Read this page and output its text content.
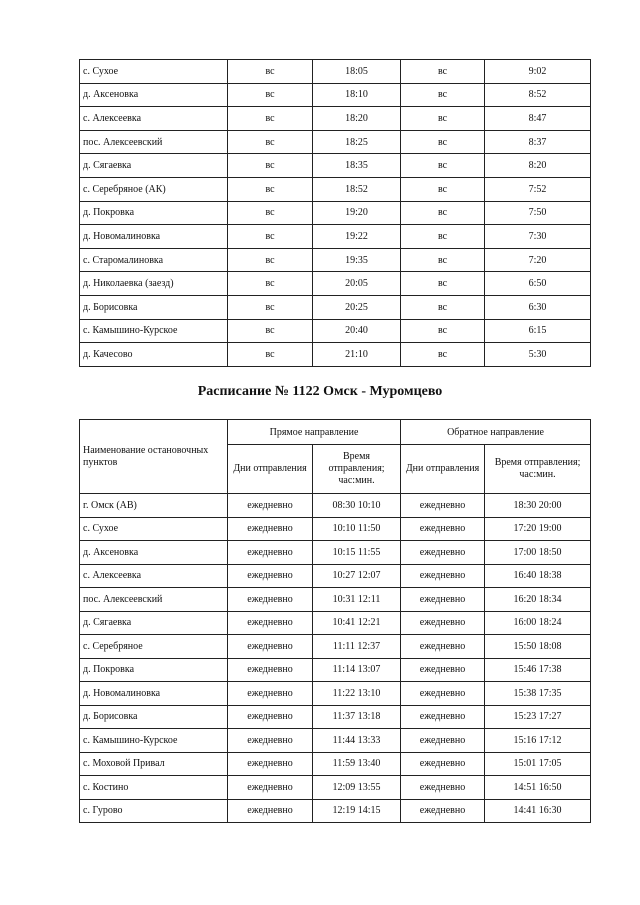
с. Сухое	вс	18:05	вс	9:02
д. Аксеновка	вс	18:10	вс	8:52
с. Алексеевка	вс	18:20	вс	8:47
пос. Алексеевский	вс	18:25	вс	8:37
д. Сягаевка	вс	18:35	вс	8:20
с. Серебряное (АК)	вс	18:52	вс	7:52
д. Покровка	вс	19:20	вс	7:50
д. Новомалиновка	вс	19:22	вс	7:30
с. Старомалиновка	вс	19:35	вс	7:20
д. Николаевка (заезд)	вс	20:05	вс	6:50
д. Борисовка	вс	20:25	вс	6:30
с. Камышино-Курское	вс	20:40	вс	6:15
д. Качесово	вс	21:10	вс	5:30
Расписание № 1122 Омск - Муромцево
Наименование остановочных пунктов	Прямое направление		Обратное направление	
	Дни отправления	Время отправления; час:мин.	Дни отправления	Время отправления; час:мин.
г. Омск (АВ)	ежедневно	08:30 10:10	ежедневно	18:30 20:00
с. Сухое	ежедневно	10:10 11:50	ежедневно	17:20 19:00
д. Аксеновка	ежедневно	10:15 11:55	ежедневно	17:00 18:50
с. Алексеевка	ежедневно	10:27 12:07	ежедневно	16:40 18:38
пос. Алексеевский	ежедневно	10:31 12:11	ежедневно	16:20 18:34
д. Сягаевка	ежедневно	10:41 12:21	ежедневно	16:00 18:24
с. Серебряное	ежедневно	11:11 12:37	ежедневно	15:50 18:08
д. Покровка	ежедневно	11:14 13:07	ежедневно	15:46 17:38
д. Новомалиновка	ежедневно	11:22 13:10	ежедневно	15:38 17:35
д. Борисовка	ежедневно	11:37 13:18	ежедневно	15:23 17:27
с. Камышино-Курское	ежедневно	11:44 13:33	ежедневно	15:16 17:12
с. Моховой Привал	ежедневно	11:59 13:40	ежедневно	15:01 17:05
с. Костино	ежедневно	12:09 13:55	ежедневно	14:51 16:50
с. Гурово	ежедневно	12:19 14:15	ежедневно	14:41 16:30
